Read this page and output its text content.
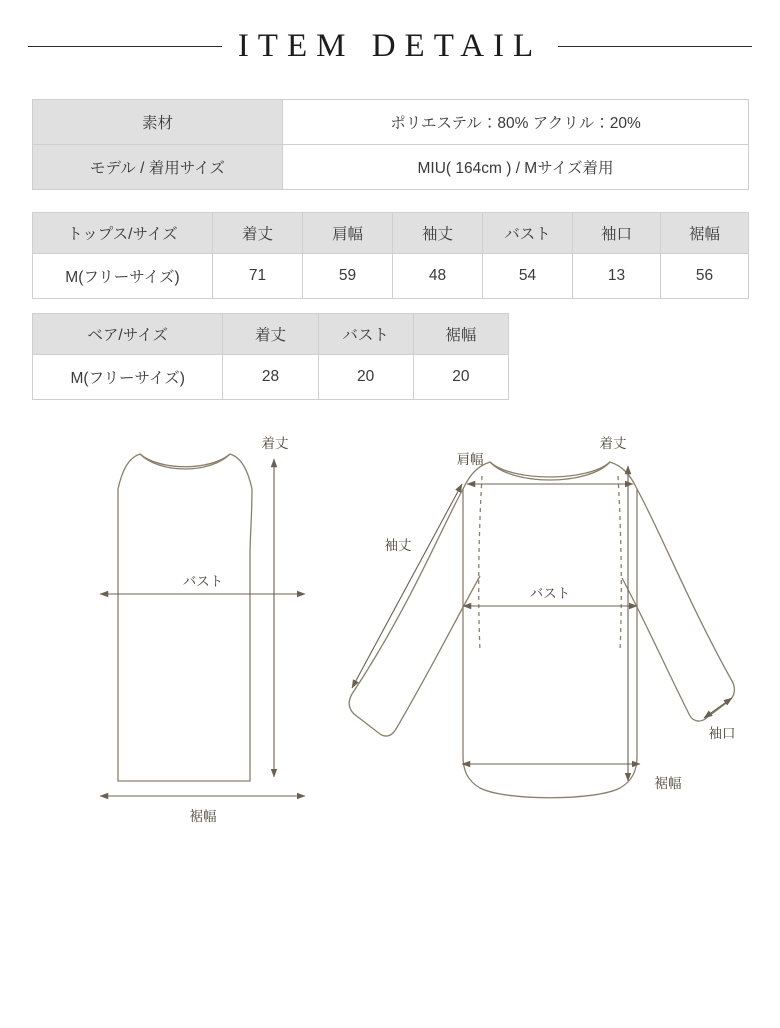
ITEM DETAIL
素材	ポリエステル：80% アクリル：20%
モデル / 着用サイズ	MIU( 164cm ) / Mサイズ着用
トップス/サイズ	着丈	肩幅	袖丈	バスト	袖口	裾幅
M(フリーサイズ)	71	59	48	54	13	56
ベア/サイズ	着丈	バスト	裾幅
M(フリーサイズ)	28	20	20
着丈
バスト
裾幅
肩幅
着丈
袖丈
バスト
裾幅
袖口
